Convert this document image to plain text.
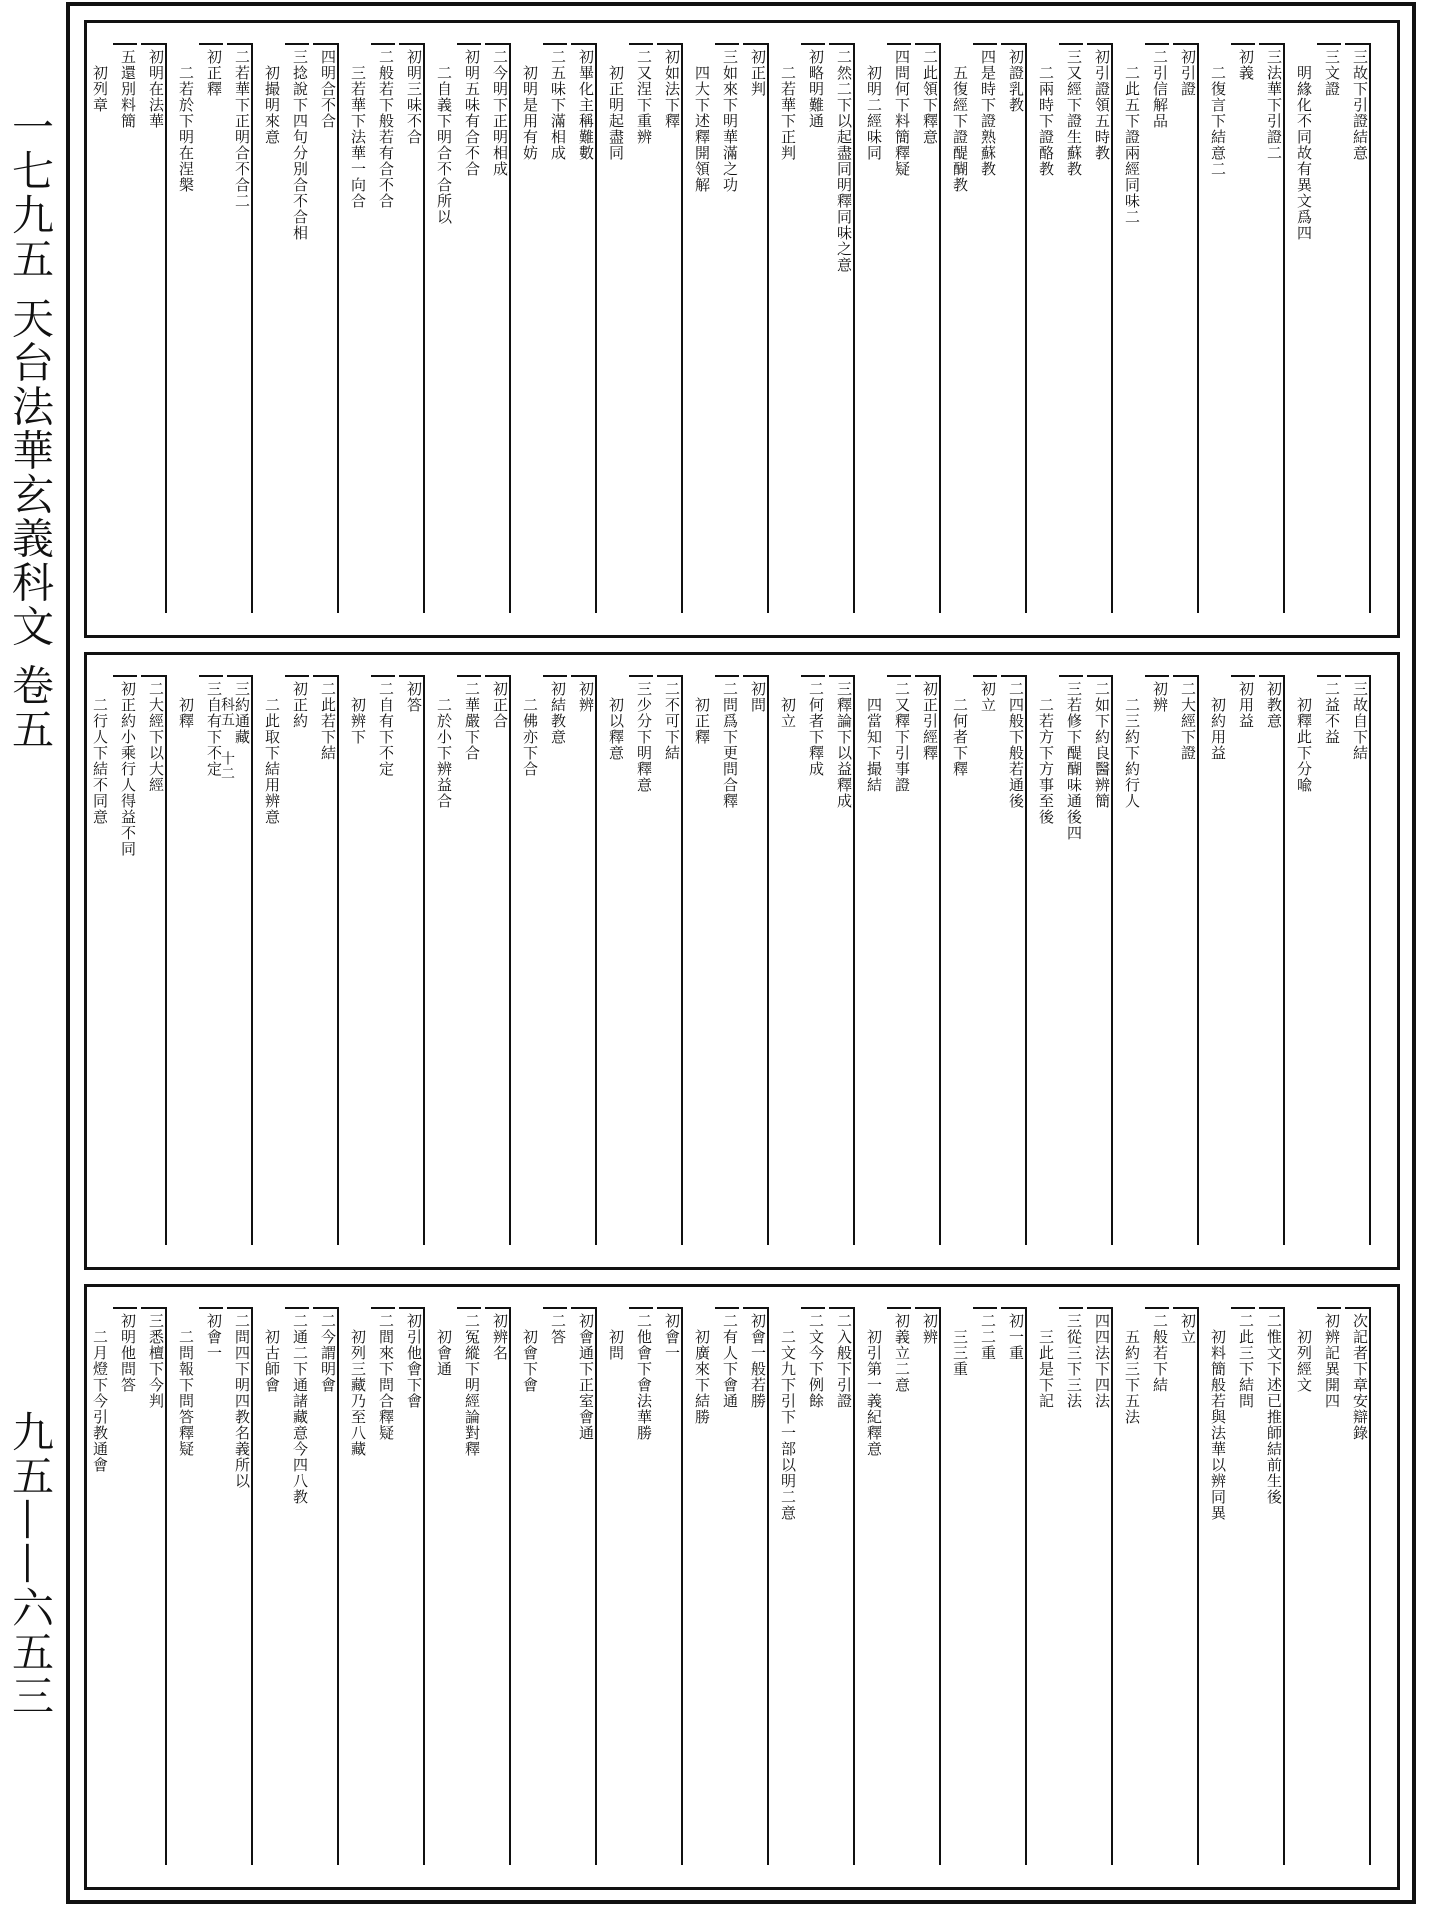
一七九五 天台法華玄義科文 卷五
九五——六五三
三故下引證結意
三文證
明緣化不同故有異文爲四
三法華下引證二
初義
二復言下結意二
初引證
二引信解品
二此五下證兩經同味二
初引證領五時教
三又經下證生蘇教
二兩時下證酪教
初證乳教
四是時下證熟蘇教
五復經下證醍醐教
二此領下釋意
四問何下料簡釋疑
初明二經味同
二然二下以起盡同明釋同味之意
初略明難通
二若華下正判
初正判
三如來下明華滿之功
四大下述釋開領解
初如法下釋
二又涅下重辨
初正明起盡同
初畢化主稱難數
二五味下滿相成
初明是用有妨
二今明下正明相成
初明五味有合不合
二自義下明合不合所以
初明三味不合
二般若下般若有合不合
三若華下法華一向合
四明合不合
三捻說下四句分別合不合相
初撮明來意
二若華下正明合不合二
初正釋
二若於下明在涅槃
初明在法華
五還別料簡
初列章
三故自下結
二益不益
初釋此下分喩
初教意
初用益
初約用益
二大經下證
初辨
二三約下約行人
二如下約良醫辨簡
三若修下醍醐味通後四
二若方下方事至後
二四般下般若通後
初立
二何者下釋
初正引經釋
二又釋下引事證
四當知下撮結
三釋論下以益釋成
二何者下釋成
初立
初問
二問爲下更問合釋
初正釋
二不可下結
三少分下明釋意
初以釋意
初辨
初結教意
二佛亦下合
初正合
二華嚴下合
二於小下辨益合
初答
二自有下不定
初辨下
二此若下結
初正約
二此取下結用辨意
三約通藏
三自有下不定
初釋
二大經下以大經
初正約小乘行人得益不同
二行人下結不同意	科五
十二
次記者下章安辯錄
初辨記異開四
初列經文
二惟文下述已推師結前生後
二此三下結問
初料簡般若與法華以辨同異
初立
二般若下結
五約三下五法
四四法下四法
三從三下三法
三此是下記
初一重
二二重
三三重
初辨
初義立二意
初引第一義紀釋意
二入般下引證
二文今下例餘
二文九下引下一部以明二意
初會一般若勝
二有人下會通
初廣來下結勝
初會一
二他會下會法華勝
初問
初會通下正室會通
二答
初會下會
初辨名
二冤縱下明經論對釋
初會通
初引他會下會
二間來下問合釋疑
初列三藏乃至八藏
二今謂明會
二通二下通諸藏意今四八教
初古師會
二問四下明四教名義所以
初會一
二問報下問答釋疑
三悉檀下今判
初明他問答
二月燈下今引教通會
